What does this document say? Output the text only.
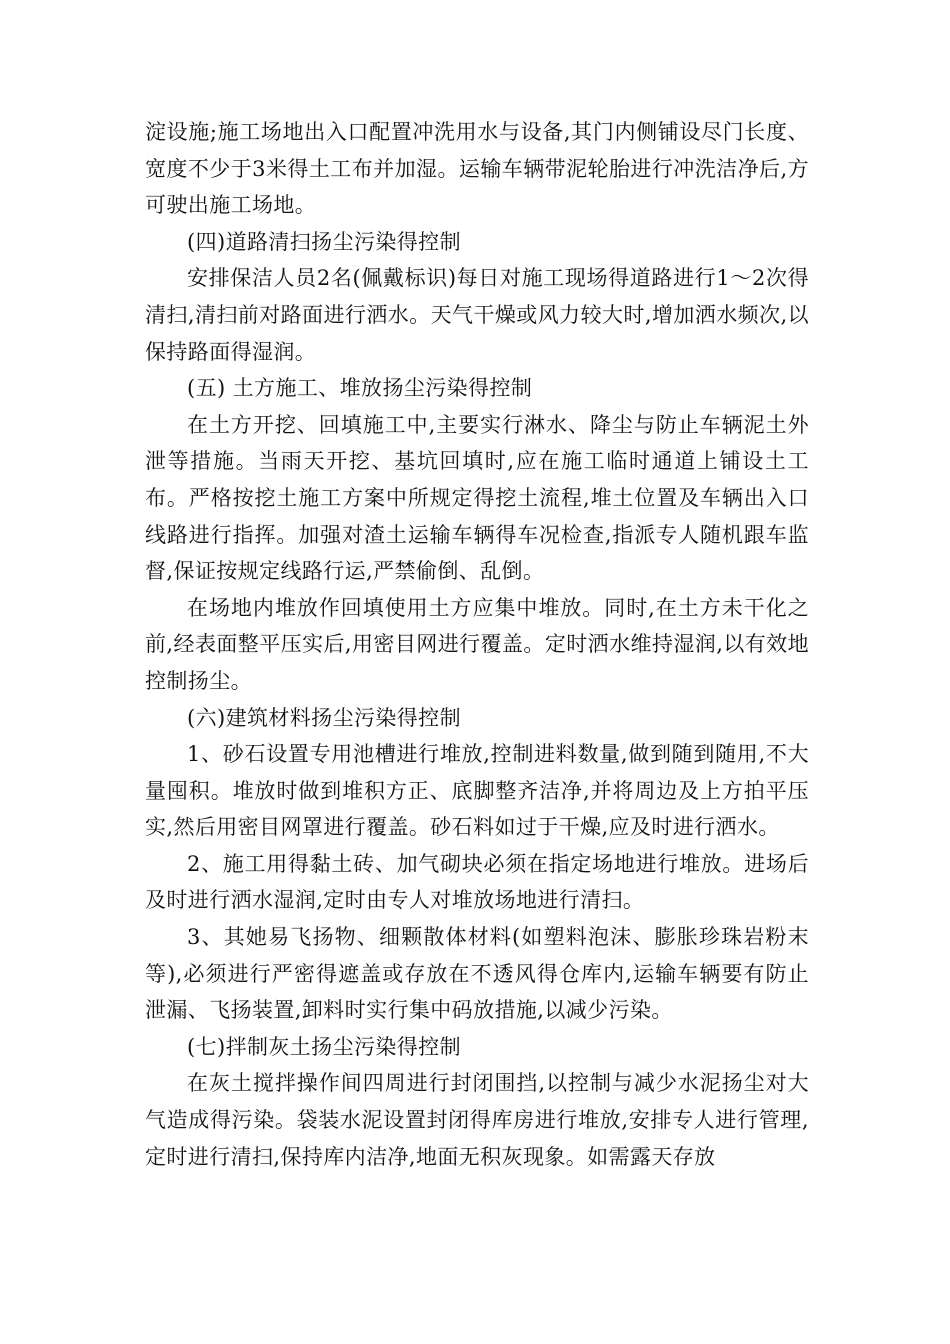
淀设施;施工场地出入口配置冲洗用水与设备,其门内侧铺设尽门长度、宽度不少于3米得土工布并加湿。运输车辆带泥轮胎进行冲洗洁净后,方可驶出施工场地。

(四)道路清扫扬尘污染得控制

安排保洁人员2名(佩戴标识)每日对施工现场得道路进行1～2次得清扫,清扫前对路面进行洒水。天气干燥或风力较大时,增加洒水频次,以保持路面得湿润。

(五) 土方施工、堆放扬尘污染得控制

在土方开挖、回填施工中,主要实行淋水、降尘与防止车辆泥土外泄等措施。当雨天开挖、基坑回填时,应在施工临时通道上铺设土工布。严格按挖土施工方案中所规定得挖土流程,堆土位置及车辆出入口线路进行指挥。加强对渣土运输车辆得车况检查,指派专人随机跟车监督,保证按规定线路行运,严禁偷倒、乱倒。

在场地内堆放作回填使用土方应集中堆放。同时,在土方未干化之前,经表面整平压实后,用密目网进行覆盖。定时洒水维持湿润,以有效地控制扬尘。

(六)建筑材料扬尘污染得控制

1、砂石设置专用池槽进行堆放,控制进料数量,做到随到随用,不大量囤积。堆放时做到堆积方正、底脚整齐洁净,并将周边及上方拍平压实,然后用密目网罩进行覆盖。砂石料如过于干燥,应及时进行洒水。

2、施工用得黏土砖、加气砌块必须在指定场地进行堆放。进场后及时进行洒水湿润,定时由专人对堆放场地进行清扫。

3、其她易飞扬物、细颗散体材料(如塑料泡沫、膨胀珍珠岩粉末等),必须进行严密得遮盖或存放在不透风得仓库内,运输车辆要有防止泄漏、飞扬装置,卸料时实行集中码放措施,以减少污染。

(七)拌制灰土扬尘污染得控制

在灰土搅拌操作间四周进行封闭围挡,以控制与减少水泥扬尘对大气造成得污染。袋装水泥设置封闭得库房进行堆放,安排专人进行管理,定时进行清扫,保持库内洁净,地面无积灰现象。如需露天存放
